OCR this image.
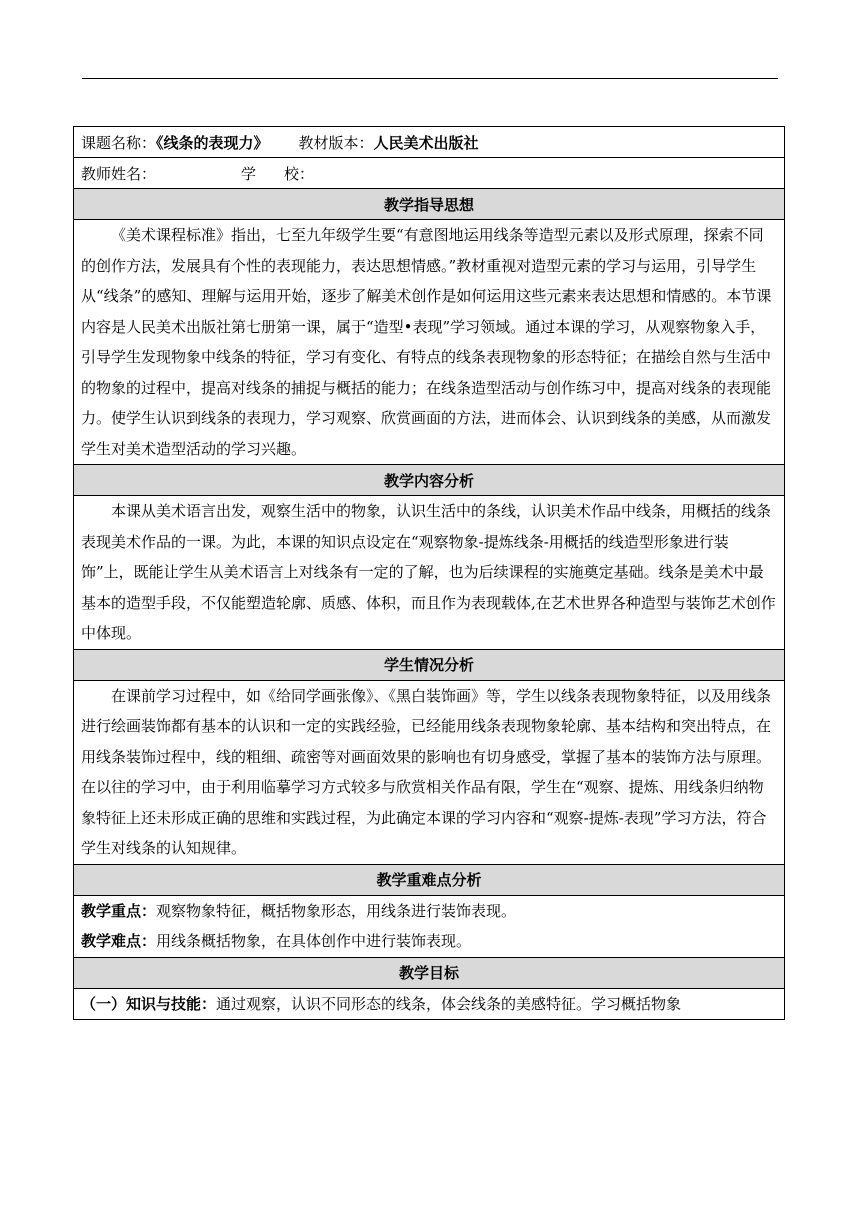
课题名称：《线条的表现力》 教材版本：人民美术出版社
教师姓名：	学 校：
教学指导思想
《美术课程标准》指出，七至九年级学生要“有意图地运用线条等造型元素以及形式原理，探索不同的创作方法，发展具有个性的表现能力，表达思想情感。”教材重视对造型元素的学习与运用，引导学生从“线条”的感知、理解与运用开始，逐步了解美术创作是如何运用这些元素来表达思想和情感的。本节课内容是人民美术出版社第七册第一课，属于“造型•表现”学习领域。通过本课的学习，从观察物象入手，引导学生发现物象中线条的特征，学习有变化、有特点的线条表现物象的形态特征；在描绘自然与生活中的物象的过程中，提高对线条的捕捉与概括的能力；在线条造型活动与创作练习中，提高对线条的表现能力。使学生认识到线条的表现力，学习观察、欣赏画面的方法，进而体会、认识到线条的美感，从而激发学生对美术造型活动的学习兴趣。
教学内容分析
本课从美术语言出发，观察生活中的物象，认识生活中的条线，认识美术作品中线条，用概括的线条表现美术作品的一课。为此，本课的知识点设定在“观察物象-提炼线条-用概括的线造型形象进行装饰”上，既能让学生从美术语言上对线条有一定的了解，也为后续课程的实施奠定基础。线条是美术中最基本的造型手段，不仅能塑造轮廓、质感、体积，而且作为表现载体,在艺术世界各种造型与装饰艺术创作中体现。
学生情况分析
在课前学习过程中，如《给同学画张像》、《黑白装饰画》等，学生以线条表现物象特征，以及用线条进行绘画装饰都有基本的认识和一定的实践经验，已经能用线条表现物象轮廓、基本结构和突出特点，在用线条装饰过程中，线的粗细、疏密等对画面效果的影响也有切身感受，掌握了基本的装饰方法与原理。在以往的学习中，由于利用临摹学习方式较多与欣赏相关作品有限，学生在“观察、提炼、用线条归纳物象特征上还未形成正确的思维和实践过程，为此确定本课的学习内容和“观察-提炼-表现”学习方法，符合学生对线条的认知规律。
教学重难点分析

教学重点：观察物象特征，概括物象形态，用线条进行装饰表现。
教学难点：用线条概括物象，在具体创作中进行装饰表现。

教学目标
（一）知识与技能：通过观察，认识不同形态的线条，体会线条的美感特征。学习概括物象
